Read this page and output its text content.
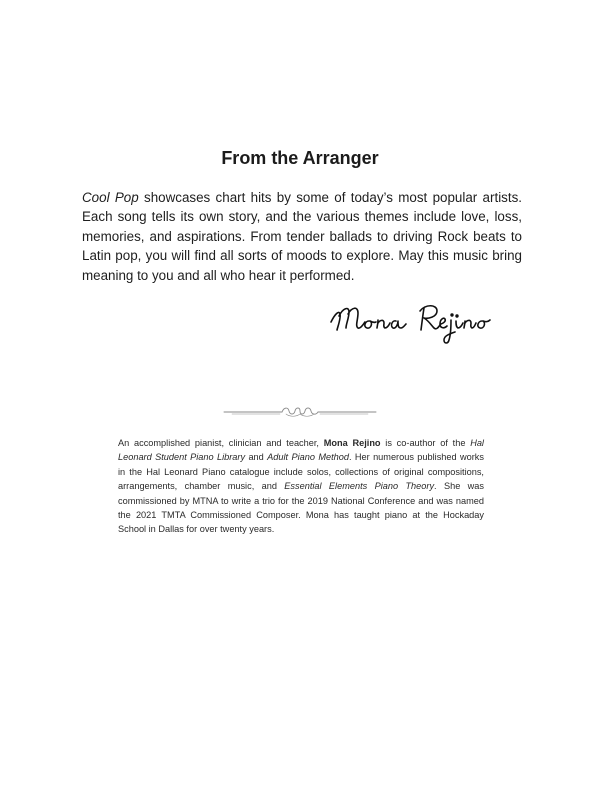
From the Arranger

Cool Pop showcases chart hits by some of today’s most popular artists. Each song tells its own story, and the various themes include love, loss, memories, and aspirations. From tender ballads to driving Rock beats to Latin pop, you will find all sorts of moods to explore. May this music bring meaning to you and all who hear it performed.

An accomplished pianist, clinician and teacher, Mona Rejino is co-author of the Hal Leonard Student Piano Library and Adult Piano Method. Her numerous published works in the Hal Leonard Piano catalogue include solos, collections of original compositions, arrangements, chamber music, and Essential Elements Piano Theory. She was commissioned by MTNA to write a trio for the 2019 National Conference and was named the 2021 TMTA Commissioned Composer. Mona has taught piano at the Hockaday School in Dallas for over twenty years.
